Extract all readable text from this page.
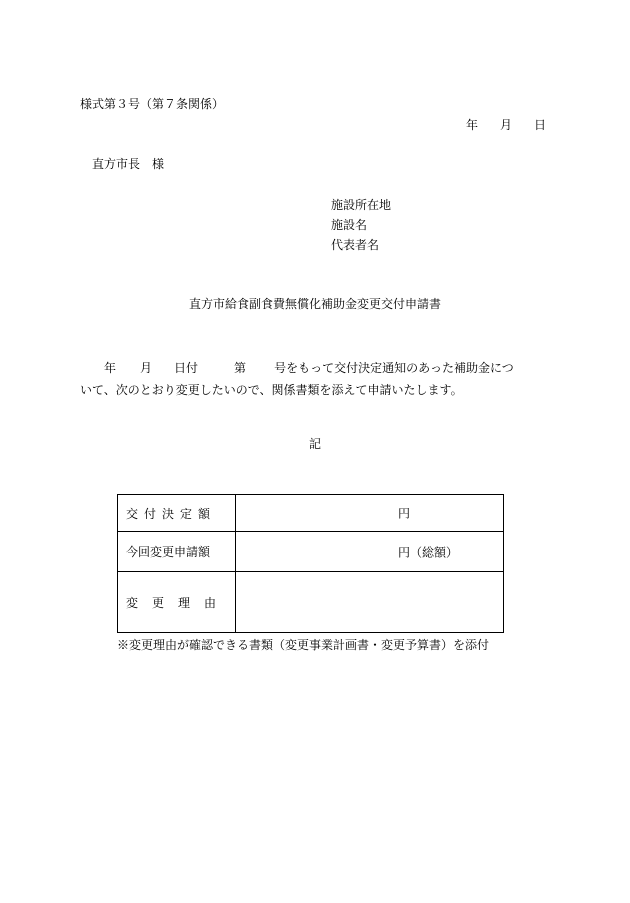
様式第３号（第７条関係）
年 月 日
直方市長　様
施設所在地
施設名
代表者名
直方市給食副食費無償化補助金変更交付申請書
年 月 日付	第 号をもって交付決定通知のあった補助金につ
いて、次のとおり変更したいので、関係書類を添えて申請いたします。
記
交付決定額	円

今回変更申請額	円（総額）

変更理由	
※変更理由が確認できる書類（変更事業計画書・変更予算書）を添付
